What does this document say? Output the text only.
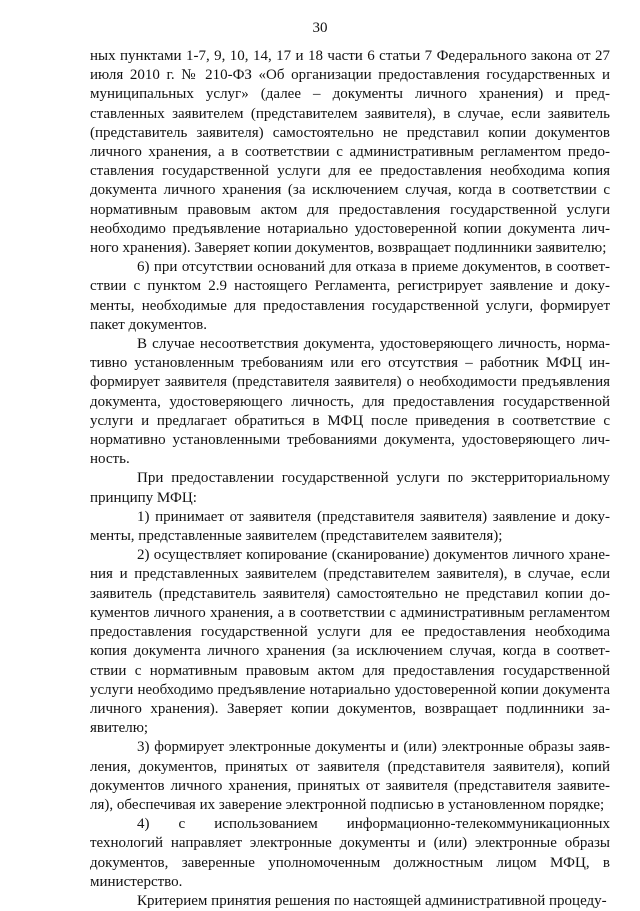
30

ных пунктами 1-7, 9, 10, 14, 17 и 18 части 6 статьи 7 Федерального закона от 27 июля 2010 г. № 210-ФЗ «Об организации предоставления государственных и муниципальных услуг» (далее – документы личного хранения) и представленных заявителем (представителем заявителя), в случае, если заявитель (представитель заявителя) самостоятельно не представил копии документов личного хранения, а в соответствии с административным регламентом предоставления государственной услуги для ее предоставления необходима копия документа личного хранения (за исключением случая, когда в соответствии с нормативным правовым актом для предоставления государственной услуги необходимо предъявление нотариально удостоверенной копии документа личного хранения). Заверяет копии документов, возвращает подлинники заявителю;

6) при отсутствии оснований для отказа в приеме документов, в соответствии с пунктом 2.9 настоящего Регламента, регистрирует заявление и документы, необходимые для предоставления государственной услуги, формирует пакет документов.

В случае несоответствия документа, удостоверяющего личность, нормативно установленным требованиям или его отсутствия – работник МФЦ информирует заявителя (представителя заявителя) о необходимости предъявления документа, удостоверяющего личность, для предоставления государственной услуги и предлагает обратиться в МФЦ после приведения в соответствие с нормативно установленными требованиями документа, удостоверяющего личность.

При предоставлении государственной услуги по экстерриториальному принципу МФЦ:

1) принимает от заявителя (представителя заявителя) заявление и документы, представленные заявителем (представителем заявителя);

2) осуществляет копирование (сканирование) документов личного хранения и представленных заявителем (представителем заявителя), в случае, если заявитель (представитель заявителя) самостоятельно не представил копии документов личного хранения, а в соответствии с административным регламентом предоставления государственной услуги для ее предоставления необходима копия документа личного хранения (за исключением случая, когда в соответствии с нормативным правовым актом для предоставления государственной услуги необходимо предъявление нотариально удостоверенной копии документа личного хранения). Заверяет копии документов, возвращает подлинники заявителю;

3) формирует электронные документы и (или) электронные образы заявления, документов, принятых от заявителя (представителя заявителя), копий документов личного хранения, принятых от заявителя (представителя заявителя), обеспечивая их заверение электронной подписью в установленном порядке;

4) с использованием информационно-телекоммуникационных технологий направляет электронные документы и (или) электронные образы документов, заверенные уполномоченным должностным лицом МФЦ, в министерство.

Критерием принятия решения по настоящей административной процеду-
